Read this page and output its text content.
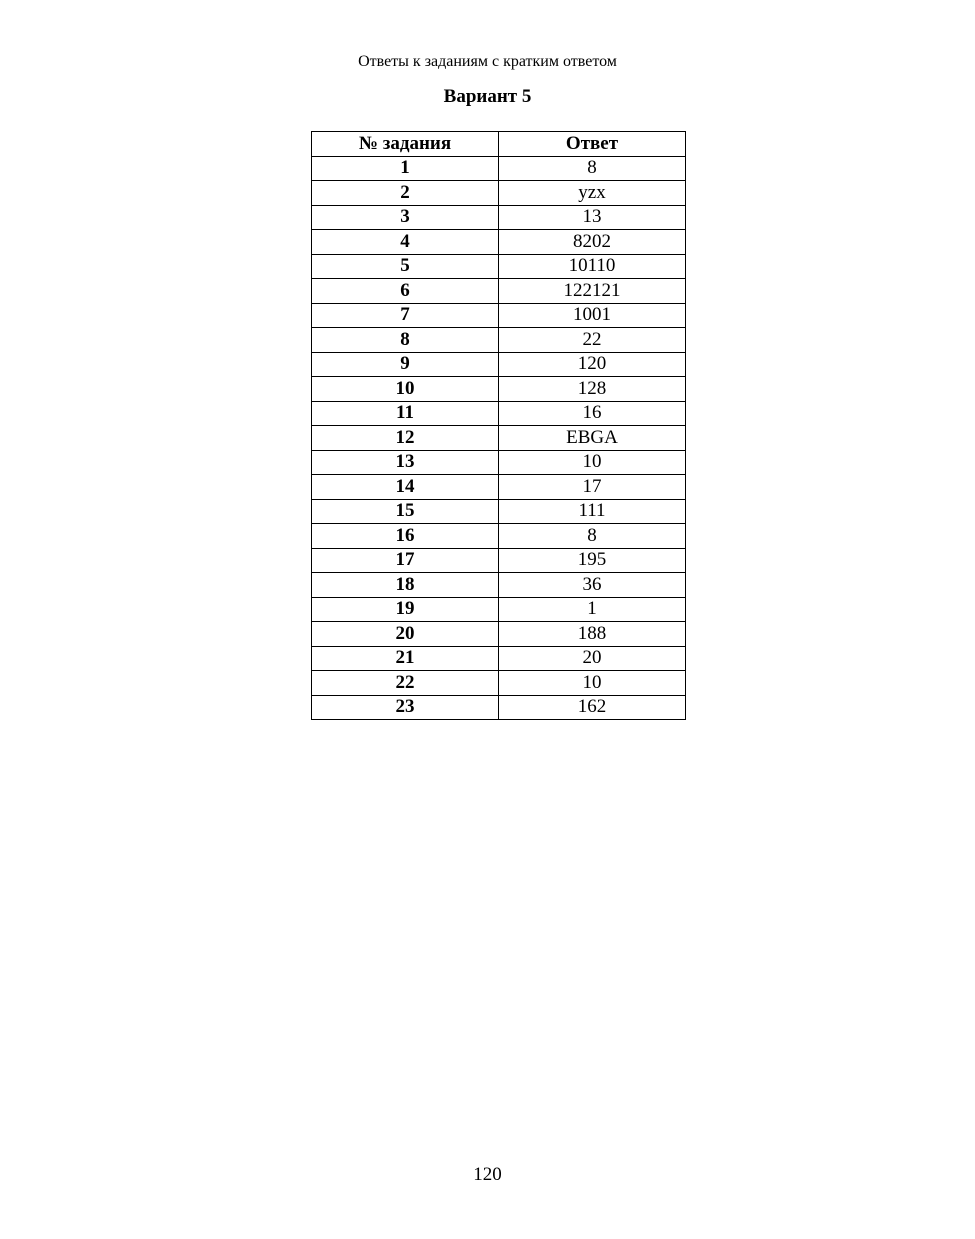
Ответы к заданиям с кратким ответом
Вариант 5
№ задания	Ответ
1	8
2	yzx
3	13
4	8202
5	10110
6	122121
7	1001
8	22
9	120
10	128
11	16
12	EBGA
13	10
14	17
15	111
16	8
17	195
18	36
19	1
20	188
21	20
22	10
23	162
120
